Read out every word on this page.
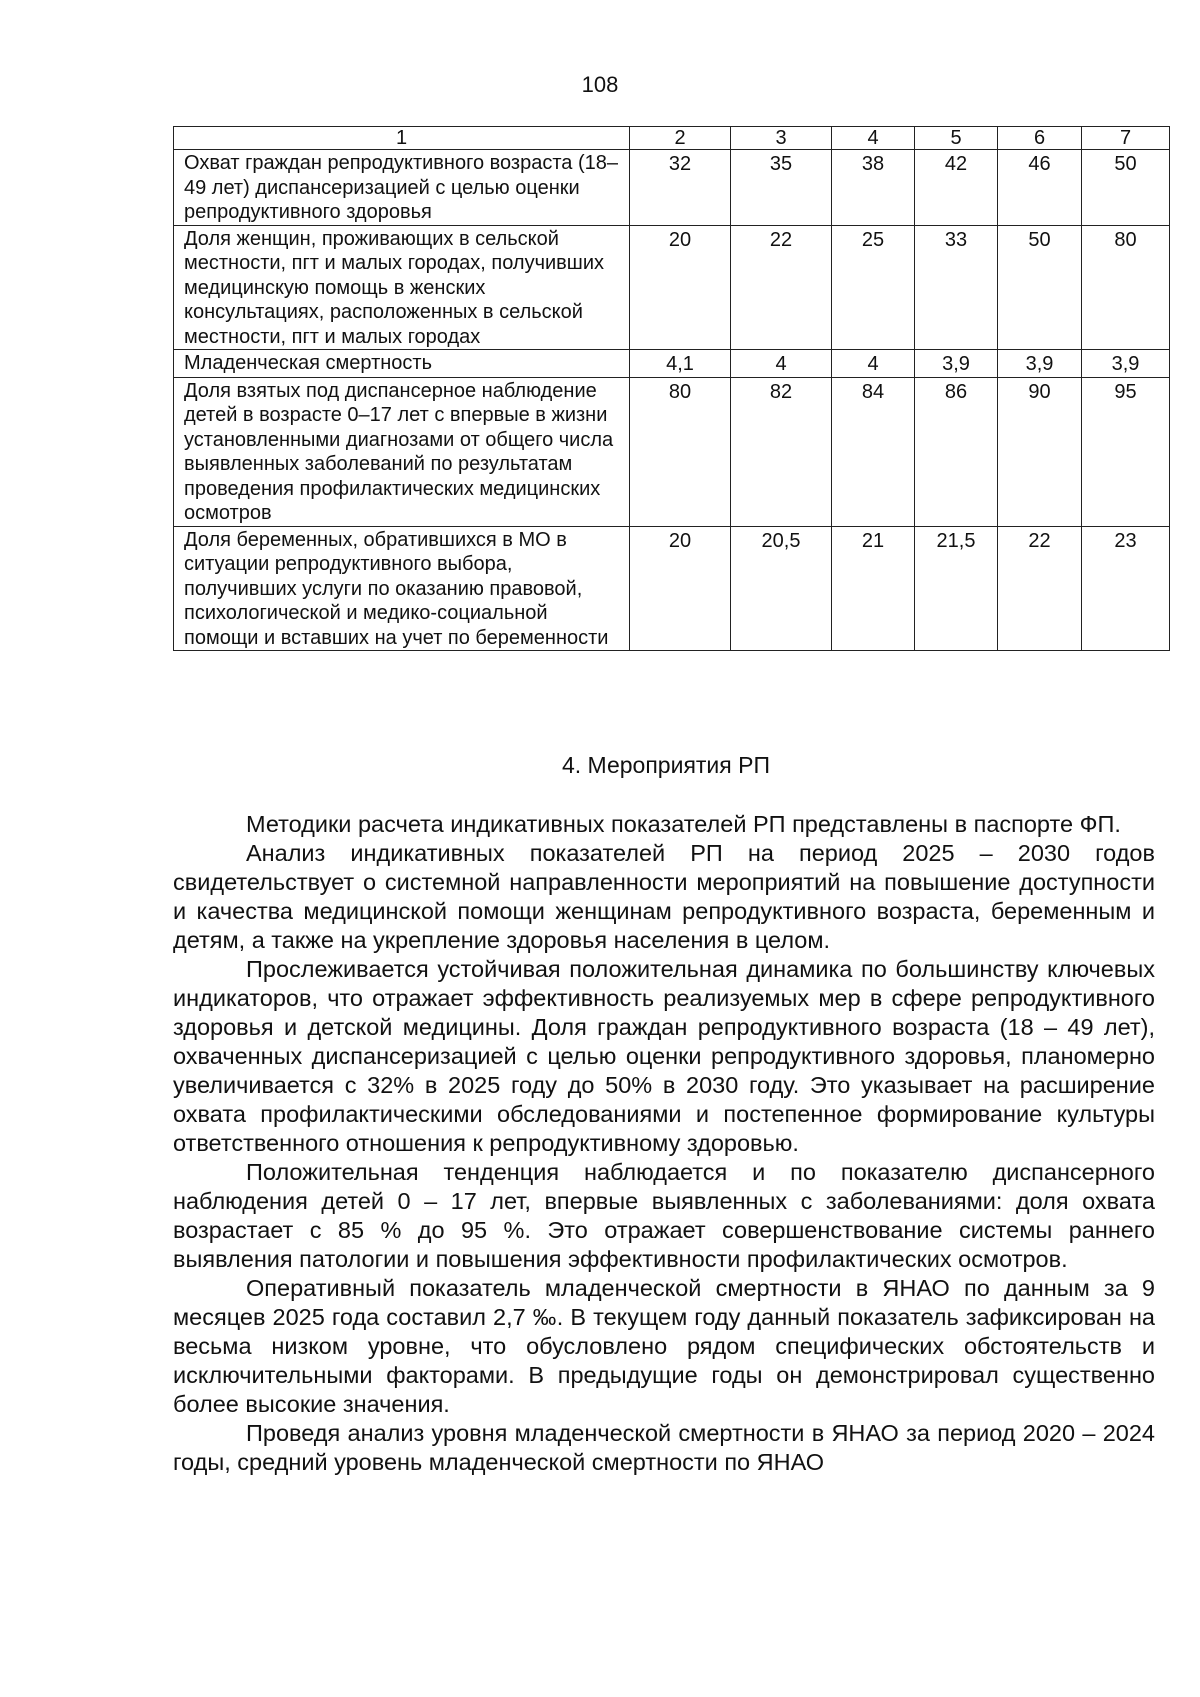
108
1	2	3	4	5	6	7
Охват граждан репродуктивного возраста (18–49 лет) диспансеризацией с целью оценки репродуктивного здоровья	32	35	38	42	46	50
Доля женщин, проживающих в сельской местности, пгт и малых городах, получивших медицинскую помощь в женских консультациях, расположенных в сельской местности, пгт и малых городах	20	22	25	33	50	80
Младенческая смертность	4,1	4	4	3,9	3,9	3,9
Доля взятых под диспансерное наблюдение детей в возрасте 0–17 лет с впервые в жизни установленными диагнозами от общего числа выявленных заболеваний по результатам проведения профилактических медицинских осмотров	80	82	84	86	90	95
Доля беременных, обратившихся в МО в ситуации репродуктивного выбора, получивших услуги по оказанию правовой, психологической и медико-социальной помощи и вставших на учет по беременности	20	20,5	21	21,5	22	23
4. Мероприятия РП

Методики расчета индикативных показателей РП представлены в паспорте ФП.

Анализ индикативных показателей РП на период 2025 – 2030 годов свидетельствует о системной направленности мероприятий на повышение доступности и качества медицинской помощи женщинам репродуктивного возраста, беременным и детям, а также на укрепление здоровья населения в целом.

Прослеживается устойчивая положительная динамика по большинству ключевых индикаторов, что отражает эффективность реализуемых мер в сфере репродуктивного здоровья и детской медицины. Доля граждан репродуктивного возраста (18 – 49 лет), охваченных диспансеризацией с целью оценки репродуктивного здоровья, планомерно увеличивается с 32% в 2025 году до 50% в 2030 году. Это указывает на расширение охвата профилактическими обследованиями и постепенное формирование культуры ответственного отношения к репродуктивному здоровью.

Положительная тенденция наблюдается и по показателю диспансерного наблюдения детей 0 – 17 лет, впервые выявленных с заболеваниями: доля охвата возрастает с 85 % до 95 %. Это отражает совершенствование системы раннего выявления патологии и повышения эффективности профилактических осмотров.

Оперативный показатель младенческой смертности в ЯНАО по данным за 9 месяцев 2025 года составил 2,7 ‰. В текущем году данный показатель зафиксирован на весьма низком уровне, что обусловлено рядом специфических обстоятельств и исключительными факторами. В предыдущие годы он демонстрировал существенно более высокие значения.

Проведя анализ уровня младенческой смертности в ЯНАО за период 2020 – 2024 годы, средний уровень младенческой смертности по ЯНАО
